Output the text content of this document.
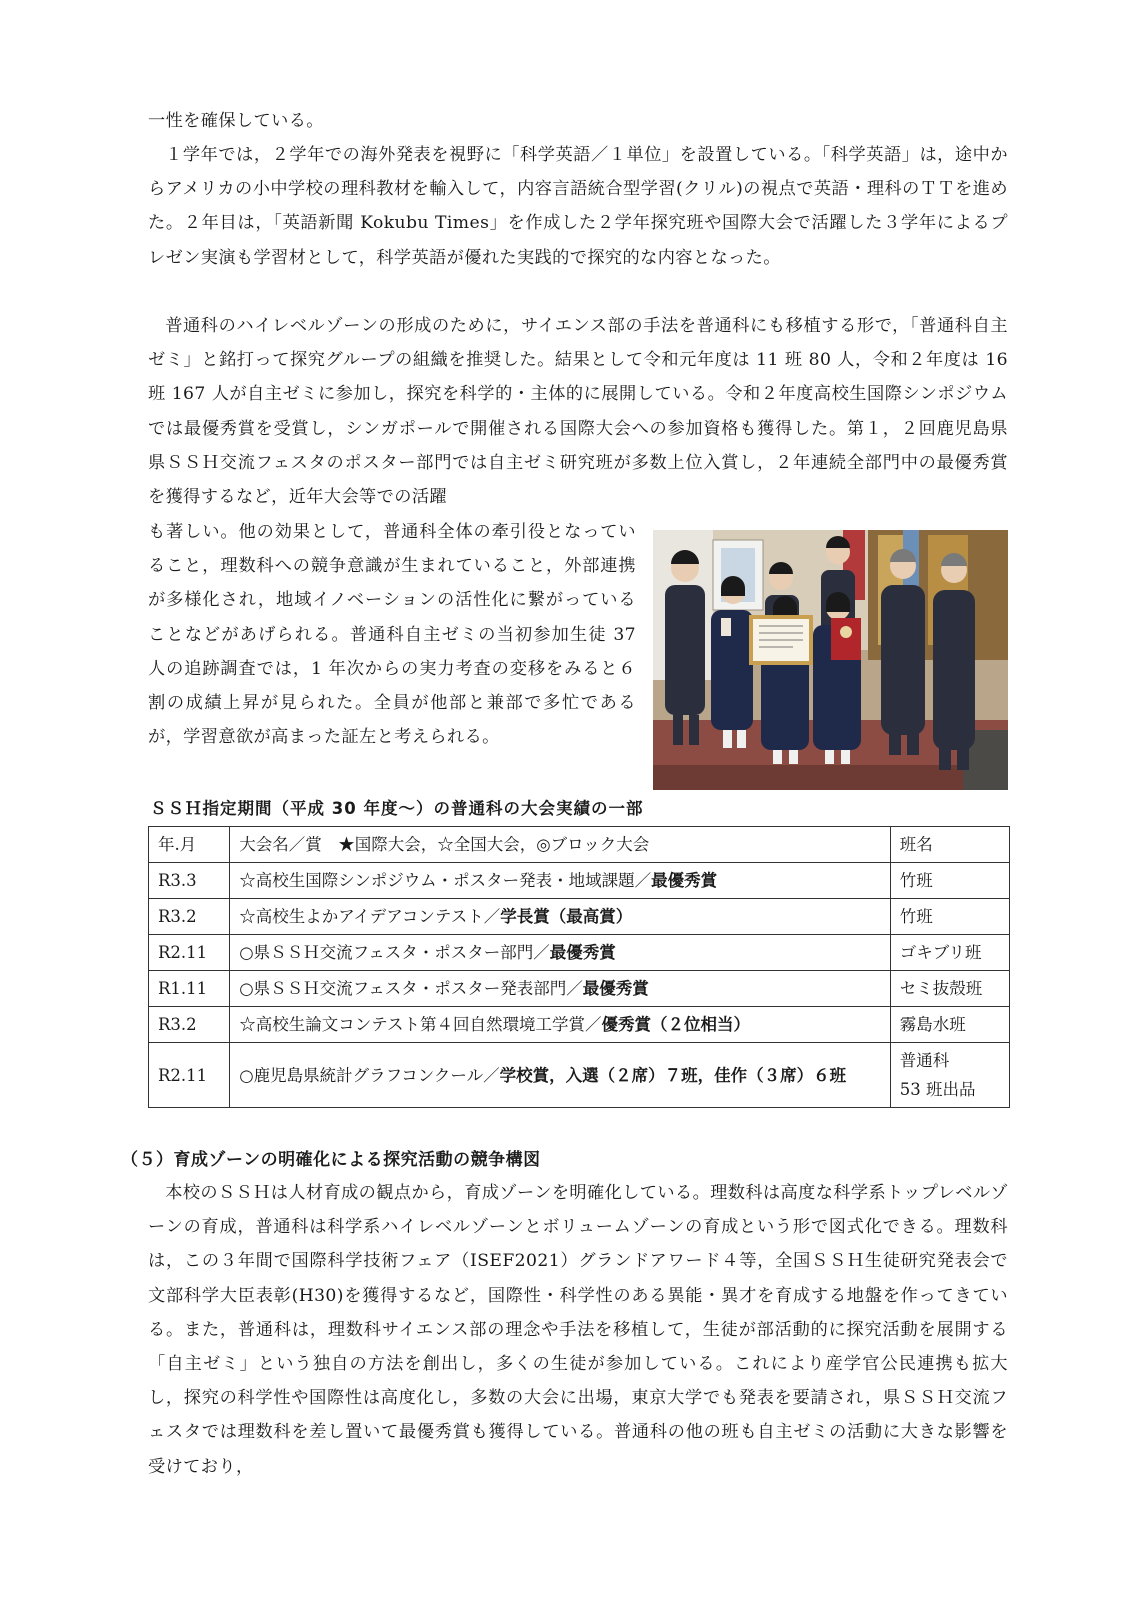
一性を確保している。

１学年では，２学年での海外発表を視野に「科学英語／１単位」を設置している。「科学英語」は，途中からアメリカの小中学校の理科教材を輸入して，内容言語統合型学習(クリル)の視点で英語・理科のＴＴを進めた。２年目は，「英語新聞 Kokubu Times」を作成した２学年探究班や国際大会で活躍した３学年によるプレゼン実演も学習材として，科学英語が優れた実践的で探究的な内容となった。

普通科のハイレベルゾーンの形成のために，サイエンス部の手法を普通科にも移植する形で，「普通科自主ゼミ」と銘打って探究グループの組織を推奨した。結果として令和元年度は 11 班 80 人，令和２年度は 16 班 167 人が自主ゼミに参加し，探究を科学的・主体的に展開している。令和２年度高校生国際シンポジウムでは最優秀賞を受賞し，シンガポールで開催される国際大会への参加資格も獲得した。第１，２回鹿児島県県ＳＳＨ交流フェスタのポスター部門では自主ゼミ研究班が多数上位入賞し，２年連続全部門中の最優秀賞を獲得するなど，近年大会等での活躍

も著しい。他の効果として，普通科全体の牽引役となっていること，理数科への競争意識が生まれていること，外部連携が多様化され，地域イノベーションの活性化に繋がっていることなどがあげられる。普通科自主ゼミの当初参加生徒 37 人の追跡調査では，1 年次からの実力考査の変移をみると６割の成績上昇が見られた。全員が他部と兼部で多忙であるが，学習意欲が高まった証左と考えられる。

ＳＳＨ指定期間（平成 30 年度～）の普通科の大会実績の一部
年.月	大会名／賞　★国際大会，☆全国大会，◎ブロック大会	班名
R3.3	☆高校生国際シンポジウム・ポスター発表・地域課題／最優秀賞	竹班
R3.2	☆高校生よかアイデアコンテスト／学長賞（最高賞）	竹班
R2.11	○県ＳＳＨ交流フェスタ・ポスター部門／最優秀賞	ゴキブリ班
R1.11	○県ＳＳＨ交流フェスタ・ポスター発表部門／最優秀賞	セミ抜殻班
R3.2	☆高校生論文コンテスト第４回自然環境工学賞／優秀賞（２位相当）	霧島水班
R2.11	○鹿児島県統計グラフコンクール／学校賞，入選（２席）７班，佳作（３席）６班	普通科
53 班出品
（５）育成ゾーンの明確化による探究活動の競争構図

本校のＳＳＨは人材育成の観点から，育成ゾーンを明確化している。理数科は高度な科学系トップレベルゾーンの育成，普通科は科学系ハイレベルゾーンとボリュームゾーンの育成という形で図式化できる。理数科は，この３年間で国際科学技術フェア（ISEF2021）グランドアワード４等，全国ＳＳＨ生徒研究発表会で文部科学大臣表彰(H30)を獲得するなど，国際性・科学性のある異能・異才を育成する地盤を作ってきている。また，普通科は，理数科サイエンス部の理念や手法を移植して，生徒が部活動的に探究活動を展開する「自主ゼミ」という独自の方法を創出し，多くの生徒が参加している。これにより産学官公民連携も拡大し，探究の科学性や国際性は高度化し，多数の大会に出場，東京大学でも発表を要請され，県ＳＳＨ交流フェスタでは理数科を差し置いて最優秀賞も獲得している。普通科の他の班も自主ゼミの活動に大きな影響を受けており，
